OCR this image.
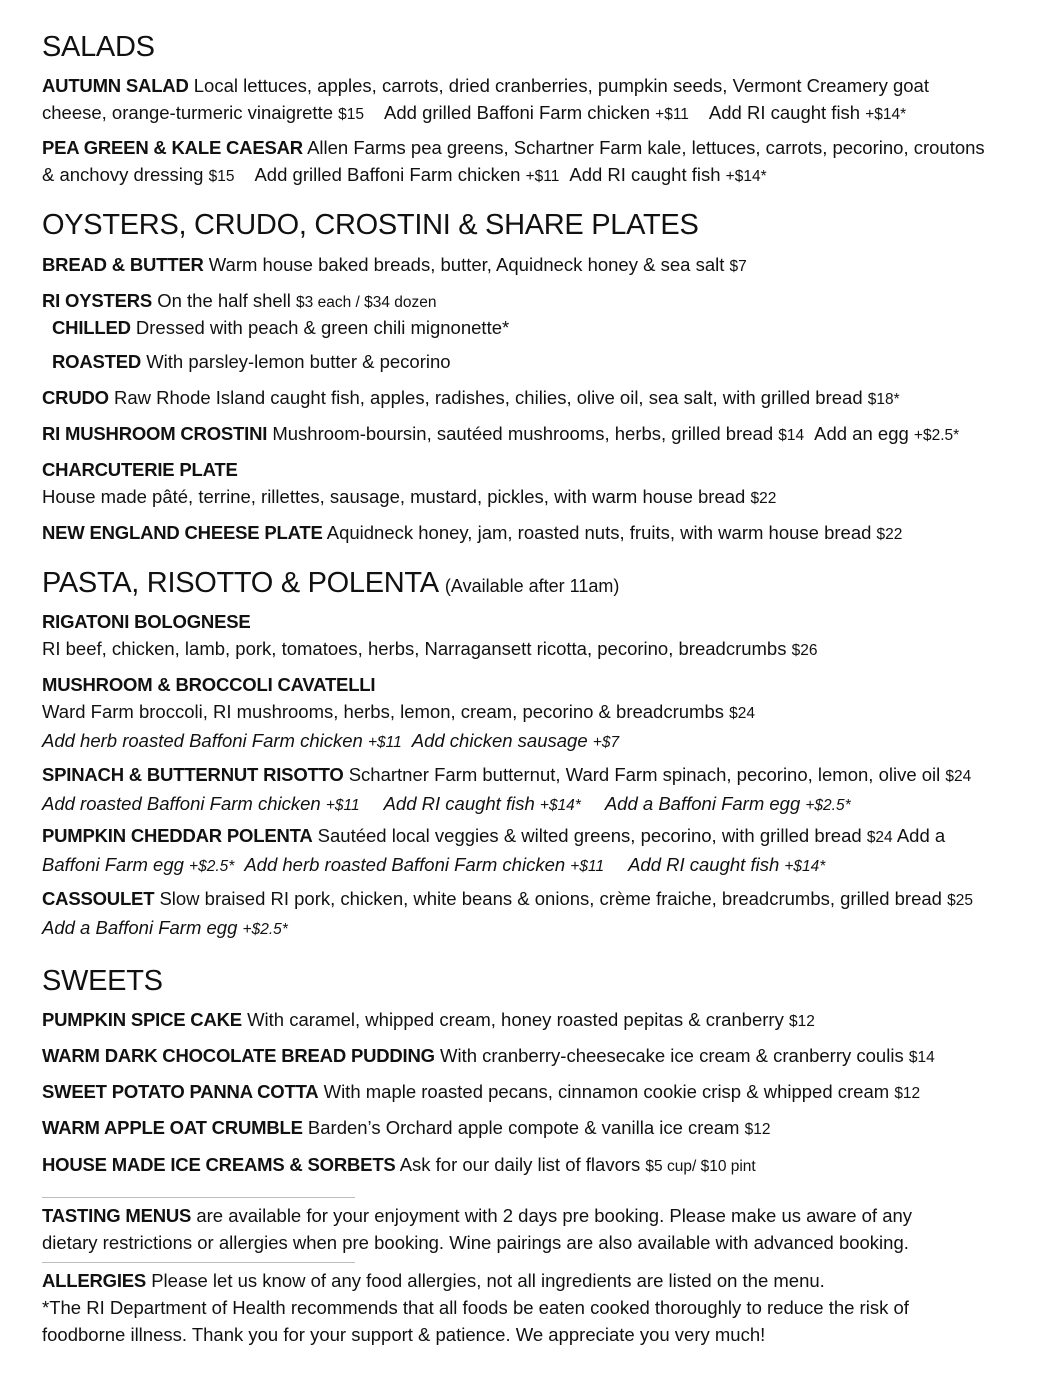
SALADS
AUTUMN SALAD Local lettuces, apples, carrots, dried cranberries, pumpkin seeds, Vermont Creamery goat
cheese, orange-turmeric vinaigrette $15 Add grilled Baffoni Farm chicken +$11 Add RI caught fish +$14*
PEA GREEN & KALE CAESAR Allen Farms pea greens, Schartner Farm kale, lettuces, carrots, pecorino, croutons
& anchovy dressing $15 Add grilled Baffoni Farm chicken +$11 Add RI caught fish +$14*
OYSTERS, CRUDO, CROSTINI & SHARE PLATES
BREAD & BUTTER Warm house baked breads, butter, Aquidneck honey & sea salt $7
RI OYSTERS On the half shell $3 each / $34 dozen
CHILLED Dressed with peach & green chili mignonette*
ROASTED With parsley-lemon butter & pecorino
CRUDO Raw Rhode Island caught fish, apples, radishes, chilies, olive oil, sea salt, with grilled bread $18*
RI MUSHROOM CROSTINI Mushroom-boursin, sautéed mushrooms, herbs, grilled bread $14 Add an egg +$2.5*
CHARCUTERIE PLATE
House made pâté, terrine, rillettes, sausage, mustard, pickles, with warm house bread $22
NEW ENGLAND CHEESE PLATE Aquidneck honey, jam, roasted nuts, fruits, with warm house bread $22
PASTA, RISOTTO & POLENTA (Available after 11am)
RIGATONI BOLOGNESE
RI beef, chicken, lamb, pork, tomatoes, herbs, Narragansett ricotta, pecorino, breadcrumbs $26
MUSHROOM & BROCCOLI CAVATELLI
Ward Farm broccoli, RI mushrooms, herbs, lemon, cream, pecorino & breadcrumbs $24
Add herb roasted Baffoni Farm chicken +$11 Add chicken sausage +$7
SPINACH & BUTTERNUT RISOTTO Schartner Farm butternut, Ward Farm spinach, pecorino, lemon, olive oil $24
Add roasted Baffoni Farm chicken +$11 Add RI caught fish +$14* Add a Baffoni Farm egg +$2.5*
PUMPKIN CHEDDAR POLENTA Sautéed local veggies & wilted greens, pecorino, with grilled bread $24 Add a
Baffoni Farm egg +$2.5* Add herb roasted Baffoni Farm chicken +$11 Add RI caught fish +$14*
CASSOULET Slow braised RI pork, chicken, white beans & onions, crème fraiche, breadcrumbs, grilled bread $25
Add a Baffoni Farm egg +$2.5*
SWEETS
PUMPKIN SPICE CAKE With caramel, whipped cream, honey roasted pepitas & cranberry $12
WARM DARK CHOCOLATE BREAD PUDDING With cranberry-cheesecake ice cream & cranberry coulis $14
SWEET POTATO PANNA COTTA With maple roasted pecans, cinnamon cookie crisp & whipped cream $12
WARM APPLE OAT CRUMBLE Barden’s Orchard apple compote & vanilla ice cream $12
HOUSE MADE ICE CREAMS & SORBETS Ask for our daily list of flavors $5 cup/ $10 pint
TASTING MENUS are available for your enjoyment with 2 days pre booking. Please make us aware of any
dietary restrictions or allergies when pre booking. Wine pairings are also available with advanced booking.
ALLERGIES Please let us know of any food allergies, not all ingredients are listed on the menu.
*The RI Department of Health recommends that all foods be eaten cooked thoroughly to reduce the risk of
foodborne illness. Thank you for your support & patience. We appreciate you very much!
